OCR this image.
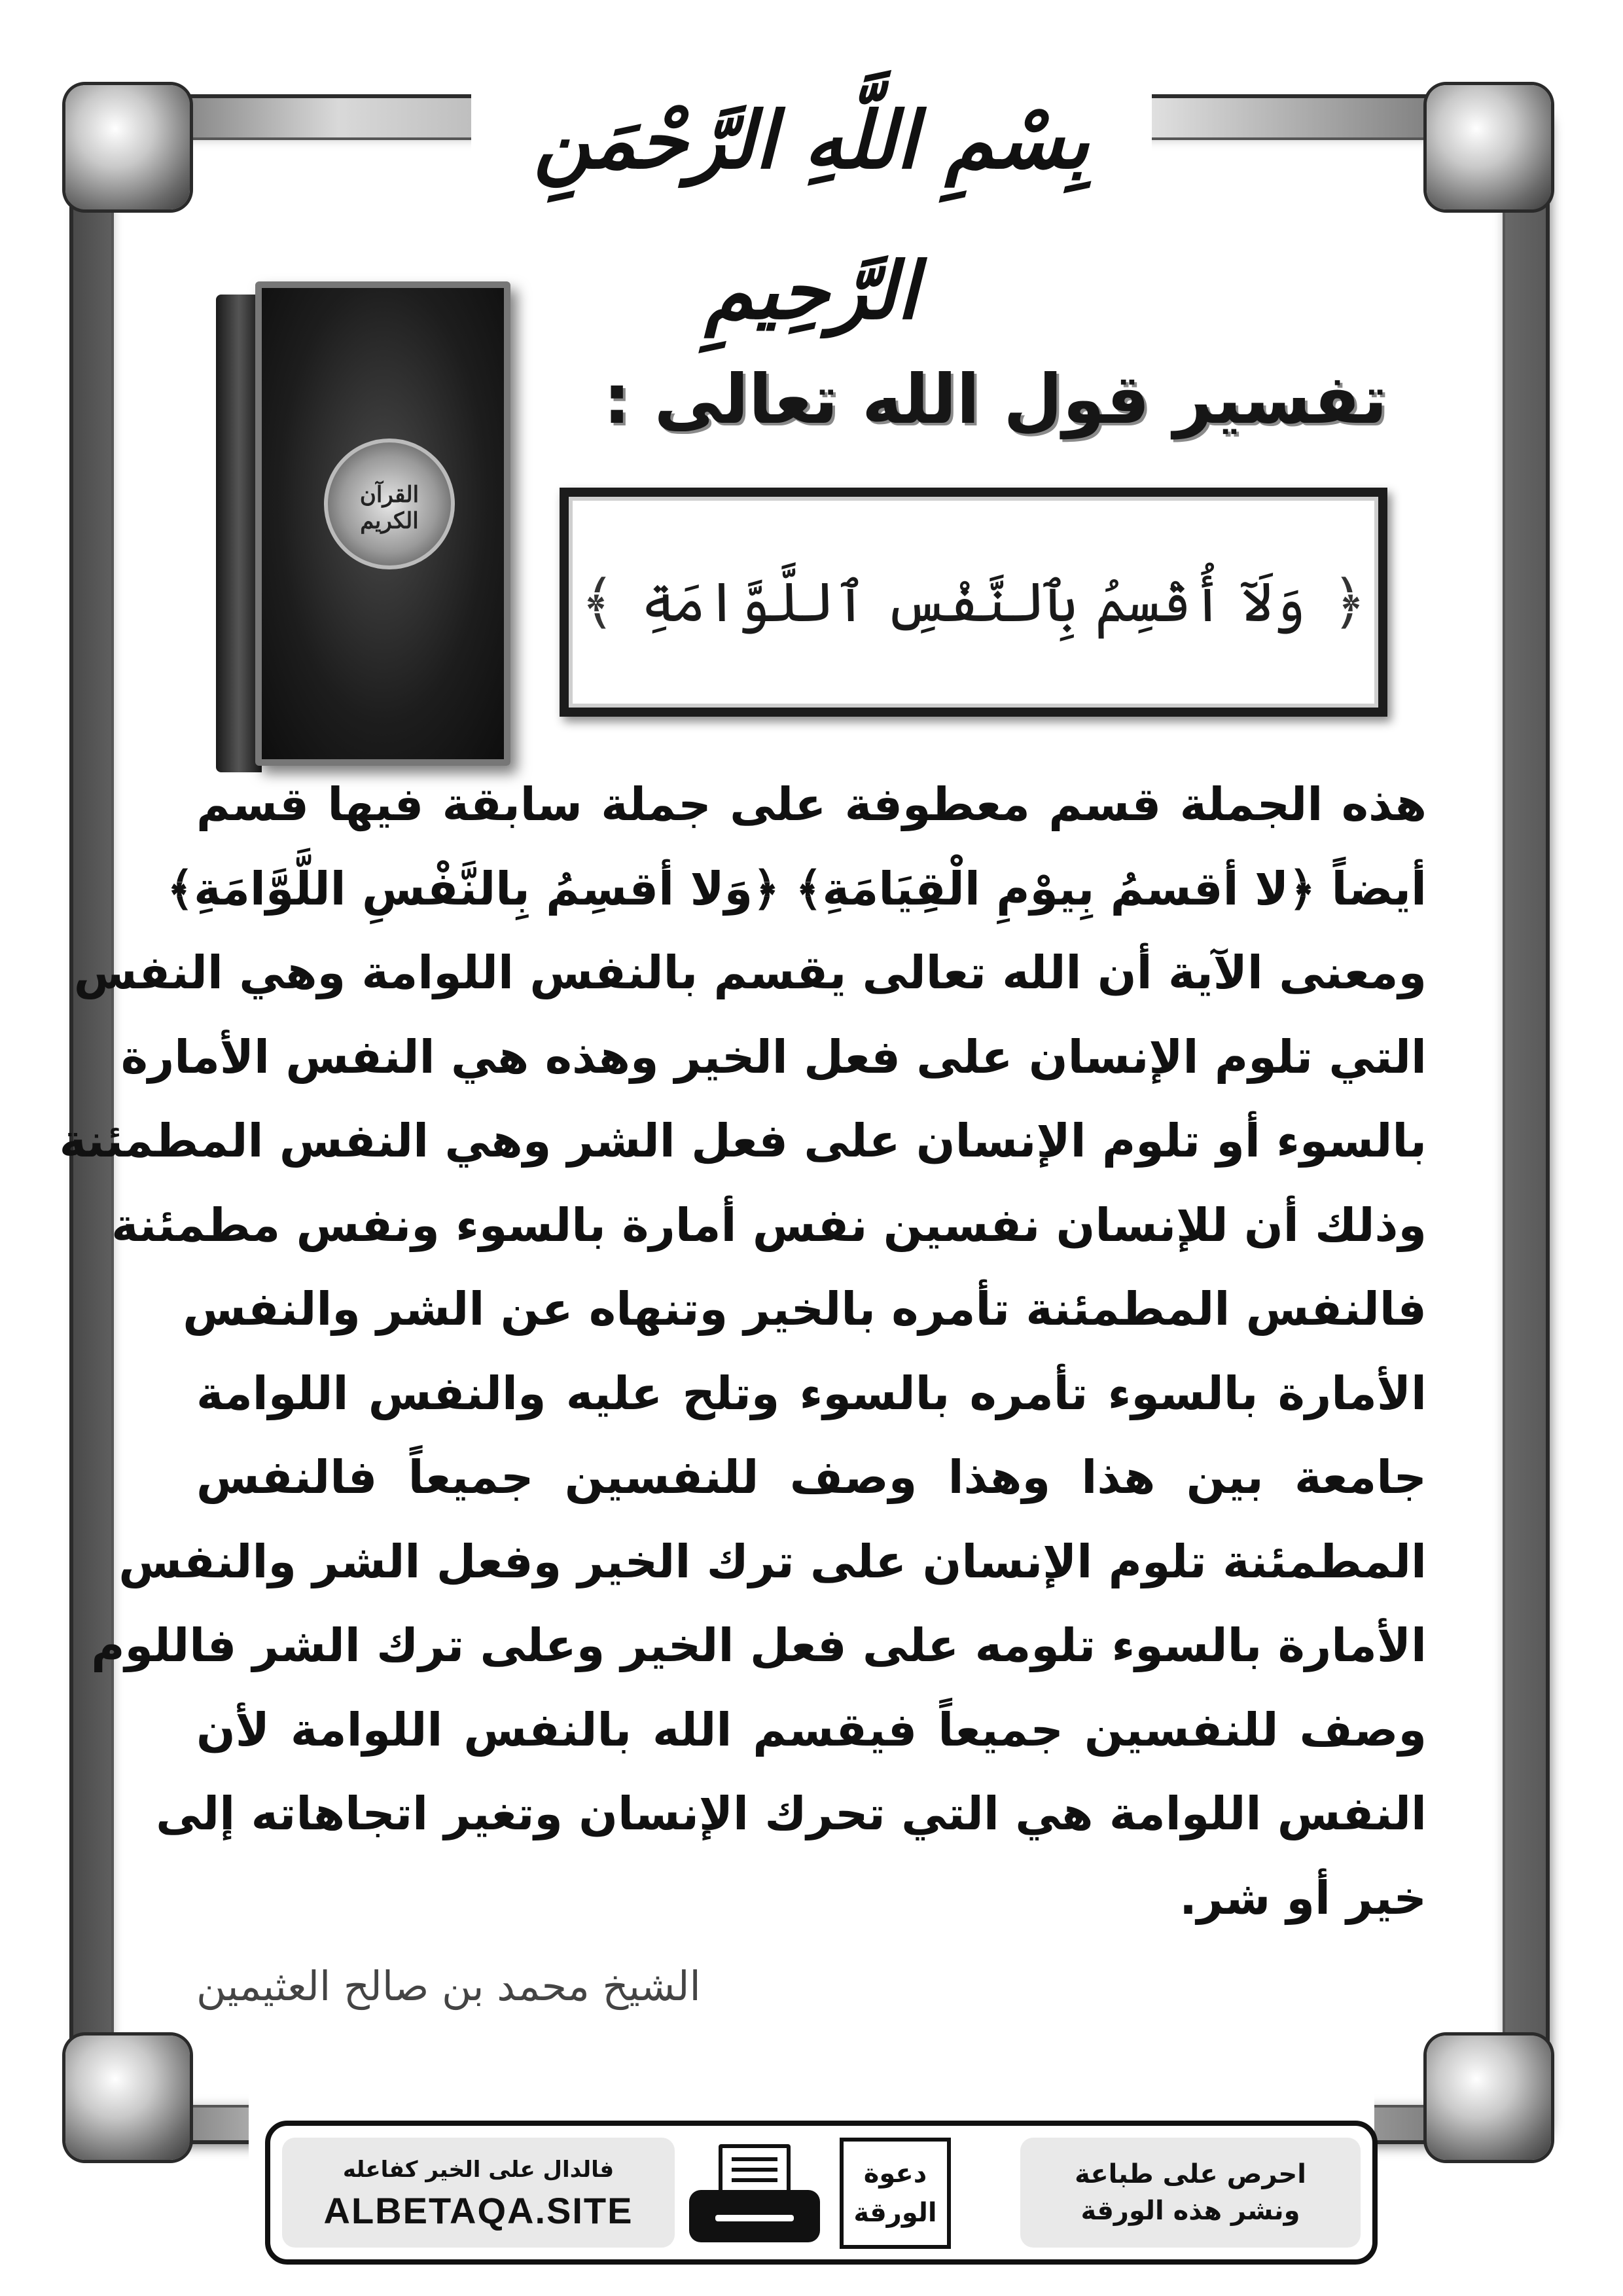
بِسْمِ اللَّهِ الرَّحْمَنِ الرَّحِيمِ
القرآن الكريم
تفسير قول الله تعالى :
﴿
وَلَآ أُقْسِمُ بِٱلنَّفْسِ ٱللَّوَّامَةِ
﴾
هذه الجملة قسم معطوفة على جملة سابقة فيها قسم
أيضاً ﴿لا أقسمُ بِيوْمِ الْقِيَامَةِ﴾ ﴿وَلا أقسِمُ بِالنَّفْسِ اللَّوَّامَةِ﴾
ومعنى الآية أن الله تعالى يقسم بالنفس اللوامة وهي النفس
التي تلوم الإنسان على فعل الخير وهذه هي النفس الأمارة
بالسوء أو تلوم الإنسان على فعل الشر وهي النفس المطمئنة
وذلك أن للإنسان نفسين نفس أمارة بالسوء ونفس مطمئنة
فالنفس المطمئنة تأمره بالخير وتنهاه عن الشر والنفس
الأمارة بالسوء تأمره بالسوء وتلح عليه والنفس اللوامة
جامعة بين هذا وهذا وصف للنفسين جميعاً فالنفس
المطمئنة تلوم الإنسان على ترك الخير وفعل الشر والنفس
الأمارة بالسوء تلومه على فعل الخير وعلى ترك الشر فاللوم
وصف للنفسين جميعاً فيقسم الله بالنفس اللوامة لأن
النفس اللوامة هي التي تحرك الإنسان وتغير اتجاهاته إلى
خير أو شر.
الشيخ محمد بن صالح العثيمين
فالدال على الخير كفاعله
ALBETAQA.SITE
دعوة
الورقة
احرص على طباعة
ونشر هذه الورقة
